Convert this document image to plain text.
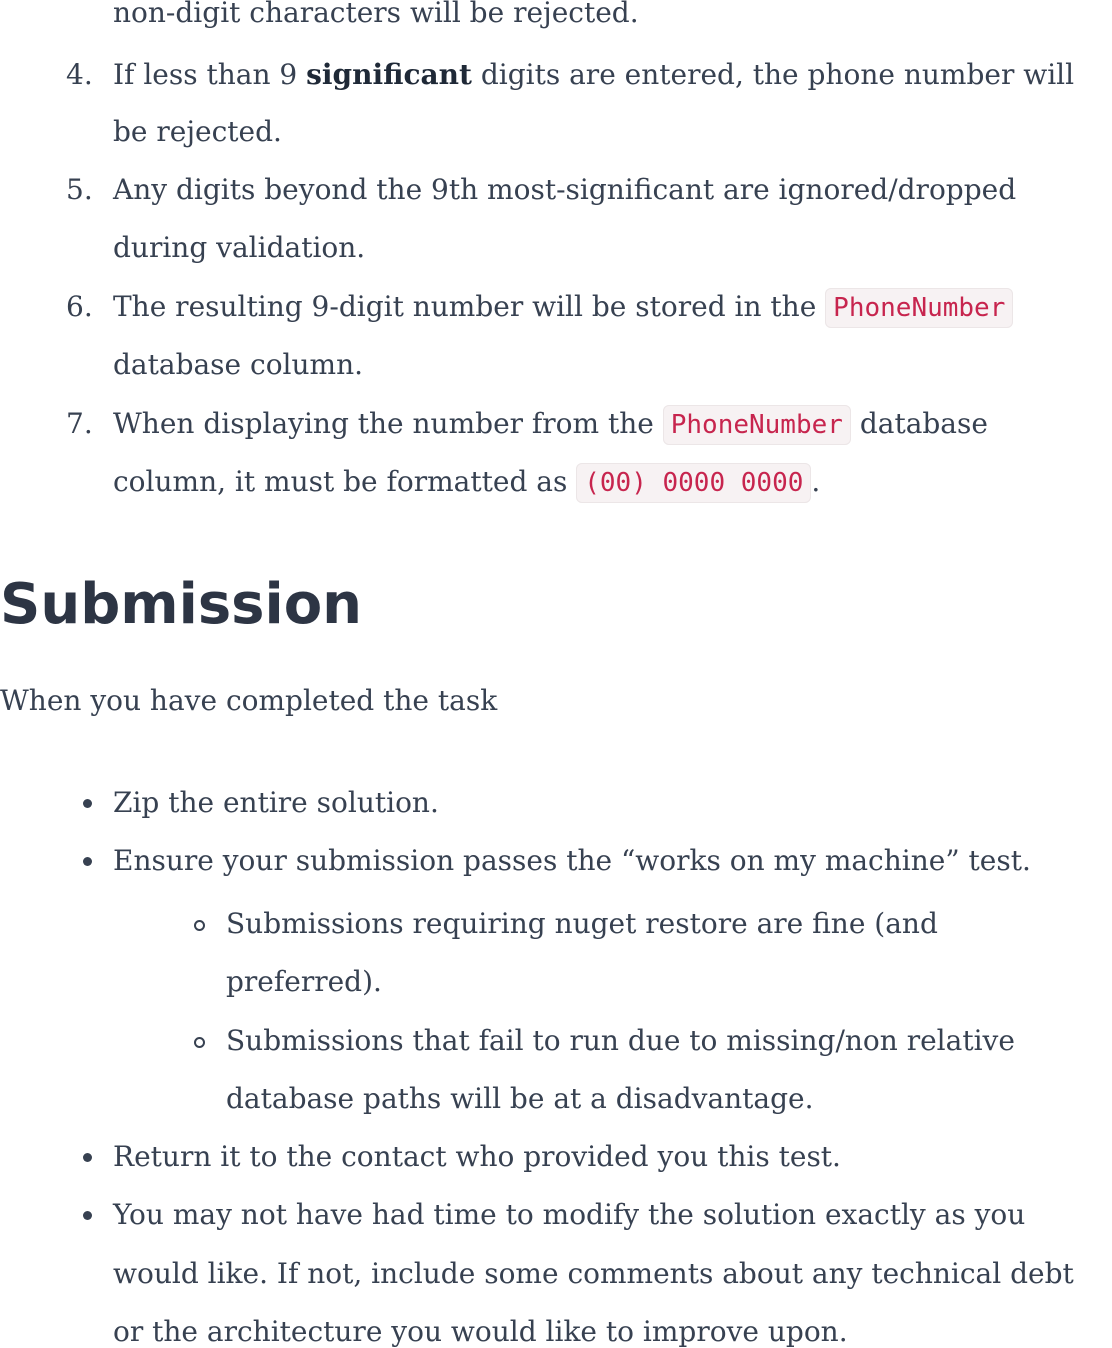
non-digit characters will be rejected.
4. If less than 9 significant digits are entered, the phone number will
be rejected.
5. Any digits beyond the 9th most-significant are ignored/dropped
during validation.
6. The resulting 9-digit number will be stored in the PhoneNumber
database column.
7. When displaying the number from the PhoneNumber database
column, it must be formatted as (00) 0000 0000 .
Submission

When you have completed the task

Zip the entire solution.
Ensure your submission passes the “works on my machine” test.
Submissions requiring nuget restore are fine (and
preferred).
Submissions that fail to run due to missing/non relative
database paths will be at a disadvantage.
Return it to the contact who provided you this test.
You may not have had time to modify the solution exactly as you
would like. If not, include some comments about any technical debt
or the architecture you would like to improve upon.
